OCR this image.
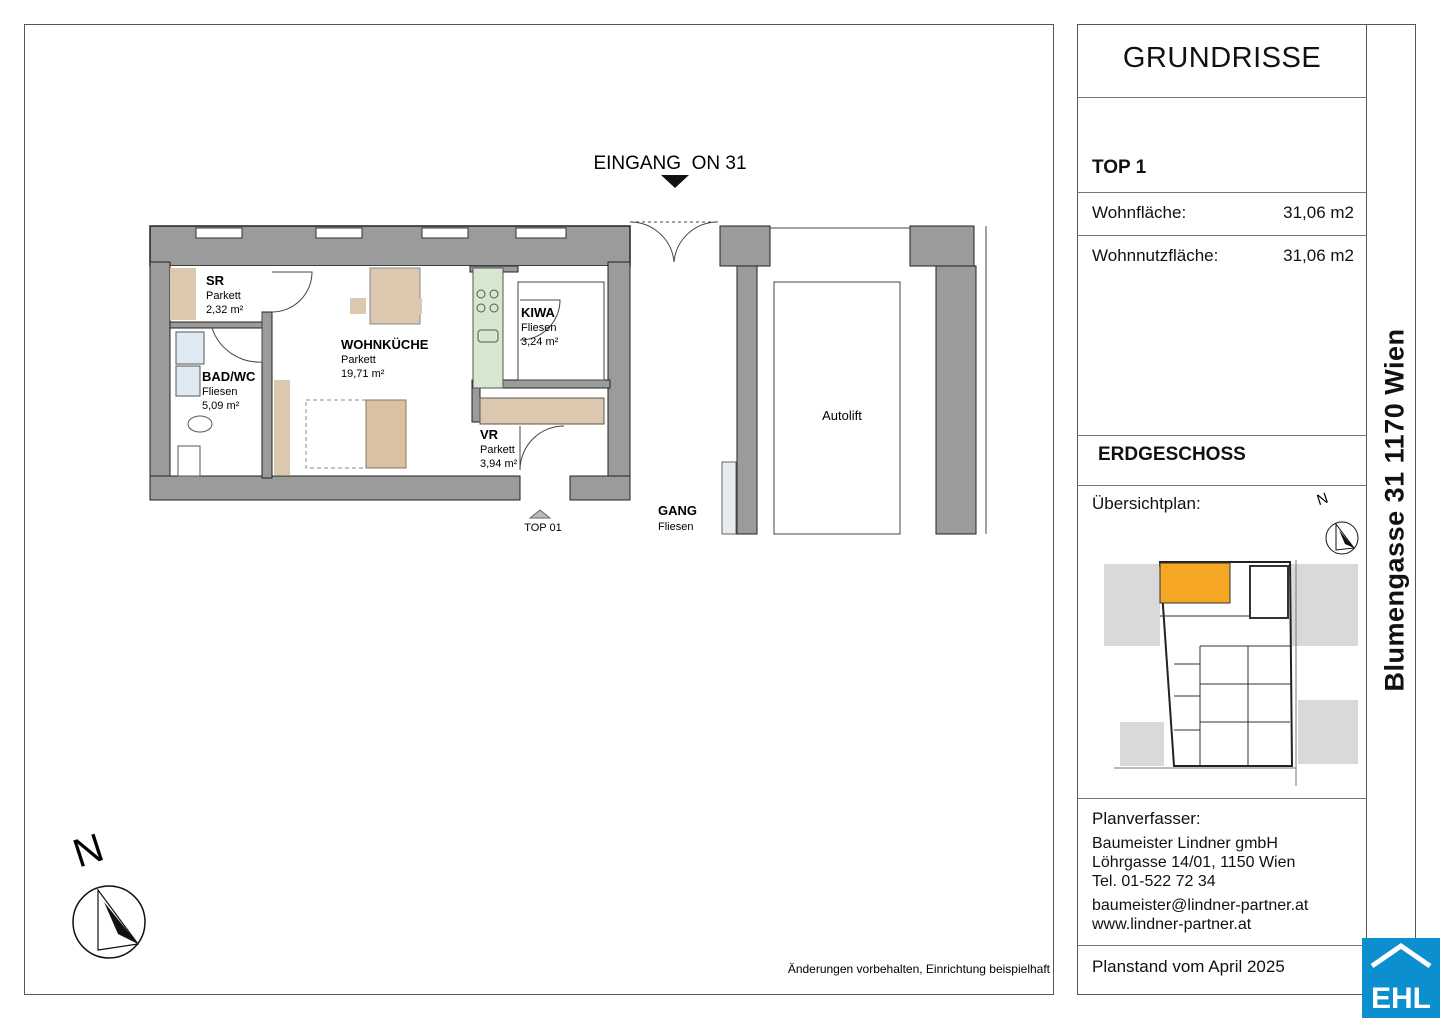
EINGANG  ON 31
Autolift
TOP 01
SR
Parkett
2,32 m²
BAD/WC
Fliesen
5,09 m²
WOHNKÜCHE
Parkett
19,71 m²
KIWA
Fliesen
3,24 m²
VR
Parkett
3,94 m²
GANG
Fliesen
N
Änderungen vorbehalten, Einrichtung beispielhaft
GRUNDRISSE
TOP 1
Wohnfläche:	31,06 m2
Wohnnutzfläche:	31,06 m2
ERDGESCHOSS
Übersichtplan:	N
Planverfasser:
Baumeister Lindner gmbH
Löhrgasse 14/01, 1150 Wien
Tel. 01-522 72 34
baumeister@lindner-partner.at
www.lindner-partner.at
Planstand vom April 2025
Blumengasse 31 1170 Wien
EHL
